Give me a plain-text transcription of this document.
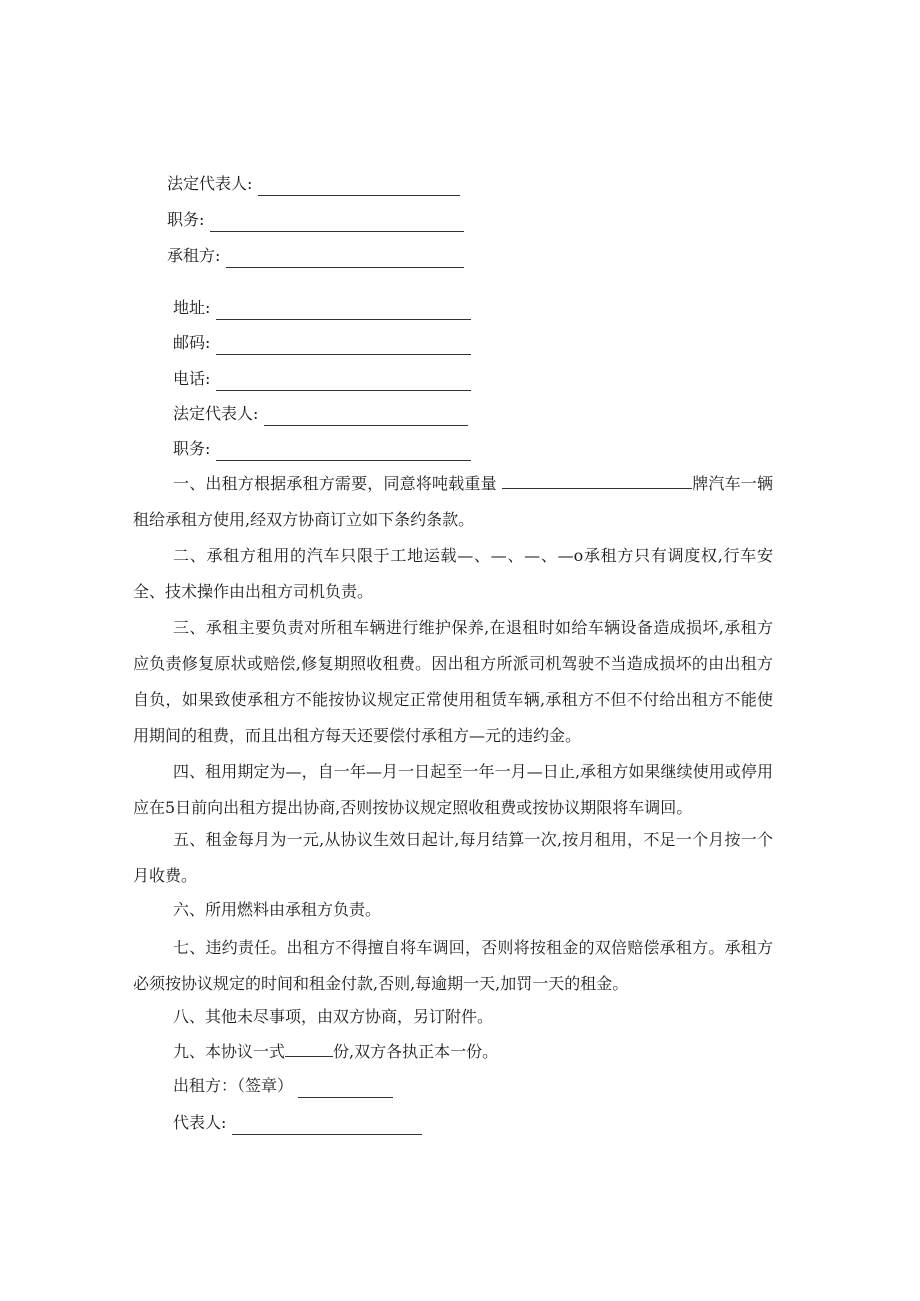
法定代表人:
职务:
承租方:
地址:
邮码:
电话:
法定代表人:
职务:
一、出租方根据承租方需要，同意将吨载重量	牌汽车一辆租给承租方使用,经双方协商订立如下条约条款。
二、承租方租用的汽车只限于工地运载—、—、—、—o承租方只有调度权,行车安全、技术操作由出租方司机负责。
三、承租主要负责对所租车辆进行维护保养,在退租时如给车辆设备造成损坏,承租方应负责修复原状或赔偿,修复期照收租费。因出租方所派司机驾驶不当造成损坏的由出租方自负，如果致使承租方不能按协议规定正常使用租赁车辆,承租方不但不付给出租方不能使用期间的租费，而且出租方每天还要偿付承租方—元的违约金。
四、租用期定为—，自一年—月一日起至一年一月—日止,承租方如果继续使用或停用应在5日前向出租方提出协商,否则按协议规定照收租费或按协议期限将车调回。
五、租金每月为一元,从协议生效日起计,每月结算一次,按月租用，不足一个月按一个月收费。
六、所用燃料由承租方负责。
七、违约责任。出租方不得擅自将车调回，否则将按租金的双倍赔偿承租方。承租方必须按协议规定的时间和租金付款,否则,每逾期一天,加罚一天的租金。
八、其他未尽事项，由双方协商，另订附件。
九、本协议一式	份,双方各执正本一份。
出租方：（签章）
代表人:
